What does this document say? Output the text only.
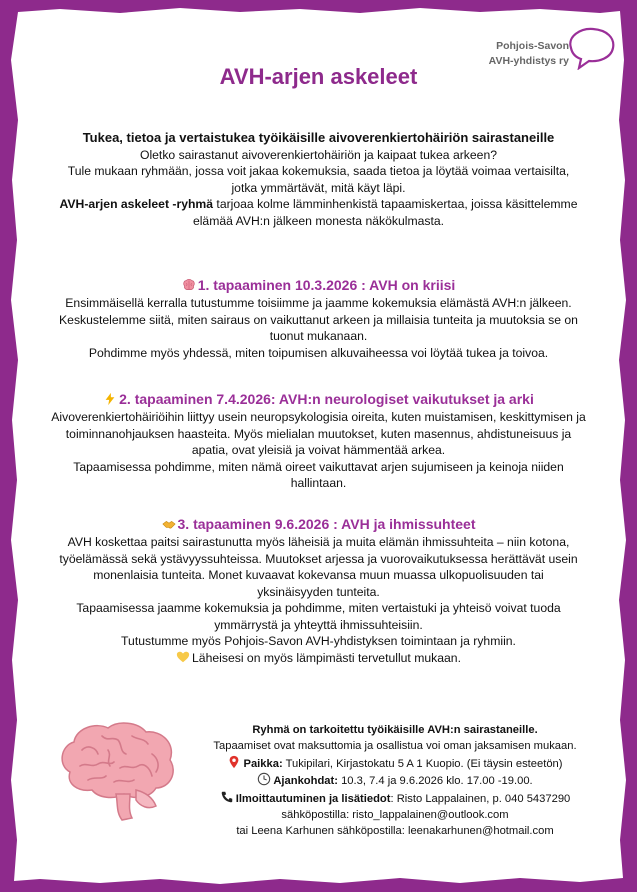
Pohjois-Savon
AVH-yhdistys ry
AVH-arjen askeleet
Tukea, tietoa ja vertaistukea työikäisille aivoverenkiertohäiriön sairastaneille
Oletko sairastanut aivoverenkiertohäiriön ja kaipaat tukea arkeen?
Tule mukaan ryhmään, jossa voit jakaa kokemuksia, saada tietoa ja löytää voimaa vertaisilta,
jotka ymmärtävät, mitä käyt läpi.
AVH-arjen askeleet -ryhmä tarjoaa kolme lämminhenkistä tapaamiskertaa, joissa käsittelemme
elämää AVH:n jälkeen monesta näkökulmasta.
1. tapaaminen 10.3.2026 : AVH on kriisi
Ensimmäisellä kerralla tutustumme toisiimme ja jaamme kokemuksia elämästä AVH:n jälkeen.
Keskustelemme siitä, miten sairaus on vaikuttanut arkeen ja millaisia tunteita ja muutoksia se on
tuonut mukanaan.
Pohdimme myös yhdessä, miten toipumisen alkuvaiheessa voi löytää tukea ja toivoa.
2. tapaaminen 7.4.2026: AVH:n neurologiset vaikutukset ja arki
Aivoverenkiertohäiriöihin liittyy usein neuropsykologisia oireita, kuten muistamisen, keskittymisen ja
toiminnanohjauksen haasteita. Myös mielialan muutokset, kuten masennus, ahdistuneisuus ja
apatia, ovat yleisiä ja voivat hämmentää arkea.
Tapaamisessa pohdimme, miten nämä oireet vaikuttavat arjen sujumiseen ja keinoja niiden
hallintaan.
3. tapaaminen 9.6.2026 : AVH ja ihmissuhteet
AVH koskettaa paitsi sairastunutta myös läheisiä ja muita elämän ihmissuhteita – niin kotona,
työelämässä sekä ystävyyssuhteissa. Muutokset arjessa ja vuorovaikutuksessa herättävät usein
monenlaisia tunteita. Monet kuvaavat kokevansa muun muassa ulkopuolisuuden tai
yksinäisyyden tunteita.
Tapaamisessa jaamme kokemuksia ja pohdimme, miten vertaistuki ja yhteisö voivat tuoda
ymmärrystä ja yhteyttä ihmissuhteisiin.
Tutustumme myös Pohjois-Savon AVH-yhdistyksen toimintaan ja ryhmiin.
Läheisesi on myös lämpimästi tervetullut mukaan.
Ryhmä on tarkoitettu työikäisille AVH:n sairastaneille.
Tapaamiset ovat maksuttomia ja osallistua voi oman jaksamisen mukaan.
Paikka: Tukipilari, Kirjastokatu 5 A 1 Kuopio. (Ei täysin esteetön)
Ajankohdat: 10.3, 7.4 ja 9.6.2026 klo. 17.00 -19.00.
Ilmoittautuminen ja lisätiedot: Risto Lappalainen, p. 040 5437290
sähköpostilla: risto_lappalainen@outlook.com
tai Leena Karhunen sähköpostilla: leenakarhunen@hotmail.com
